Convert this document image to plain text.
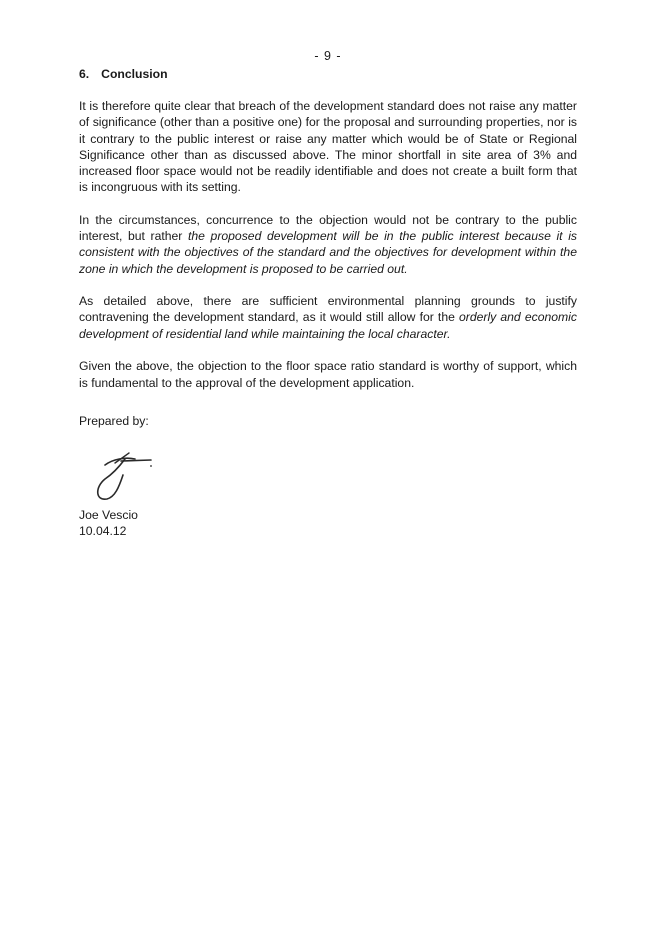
- 9 -
6. Conclusion

It is therefore quite clear that breach of the development standard does not raise any matter of significance (other than a positive one) for the proposal and surrounding properties, nor is it contrary to the public interest or raise any matter which would be of State or Regional Significance other than as discussed above. The minor shortfall in site area of 3% and increased floor space would not be readily identifiable and does not create a built form that is incongruous with its setting.

In the circumstances, concurrence to the objection would not be contrary to the public interest, but rather the proposed development will be in the public interest because it is consistent with the objectives of the standard and the objectives for development within the zone in which the development is proposed to be carried out.

As detailed above, there are sufficient environmental planning grounds to justify contravening the development standard, as it would still allow for the orderly and economic development of residential land while maintaining the local character.

Given the above, the objection to the floor space ratio standard is worthy of support, which is fundamental to the approval of the development application.

Prepared by:

Joe Vescio

10.04.12
